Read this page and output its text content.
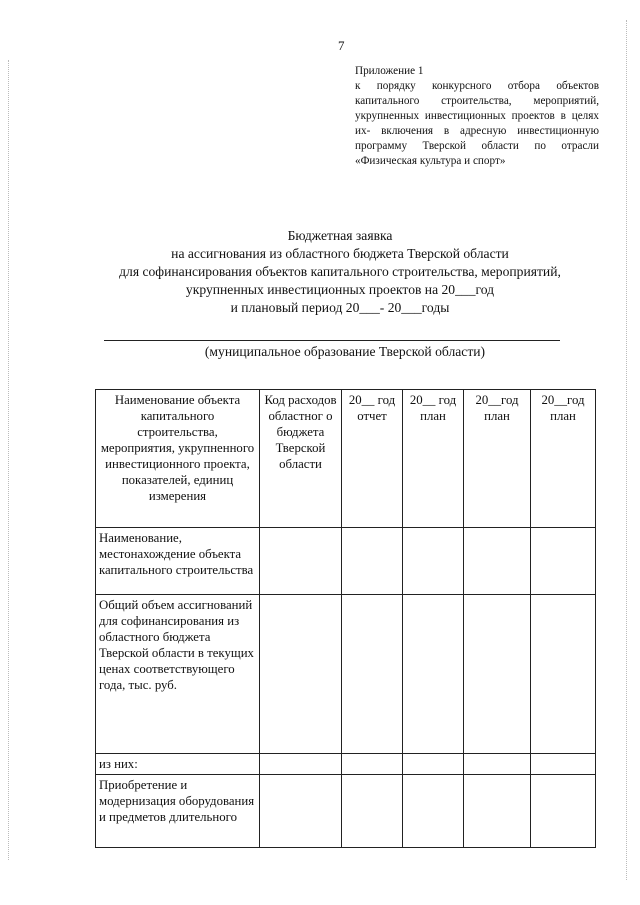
7
Приложение 1
к порядку конкурсного отбора объектов капитального строительства, мероприятий, укрупненных инвестиционных проектов в целях их- включения в адресную инвестиционную программу Тверской области по отрасли «Физическая культура и спорт»
Бюджетная заявка
на ассигнования из областного бюджета Тверской области
для софинансирования объектов капитального строительства, мероприятий,
укрупненных инвестиционных проектов на 20___год
и плановый период 20___- 20___годы
(муниципальное образование Тверской области)
Наименование объекта капитального строительства, мероприятия, укрупненного инвестиционного проекта, показателей, единиц измерения	Код расходов областног о бюджета Тверской области	20__ год отчет	20__ год план	20__год план	20__год план
Наименование, местонахождение объекта капитального строительства					
Общий объем ассигнований для софинансирования из областного бюджета Тверской области в текущих ценах соответствующего года, тыс. руб.					
из них:					
Приобретение и модернизация оборудования и предметов длительного					
